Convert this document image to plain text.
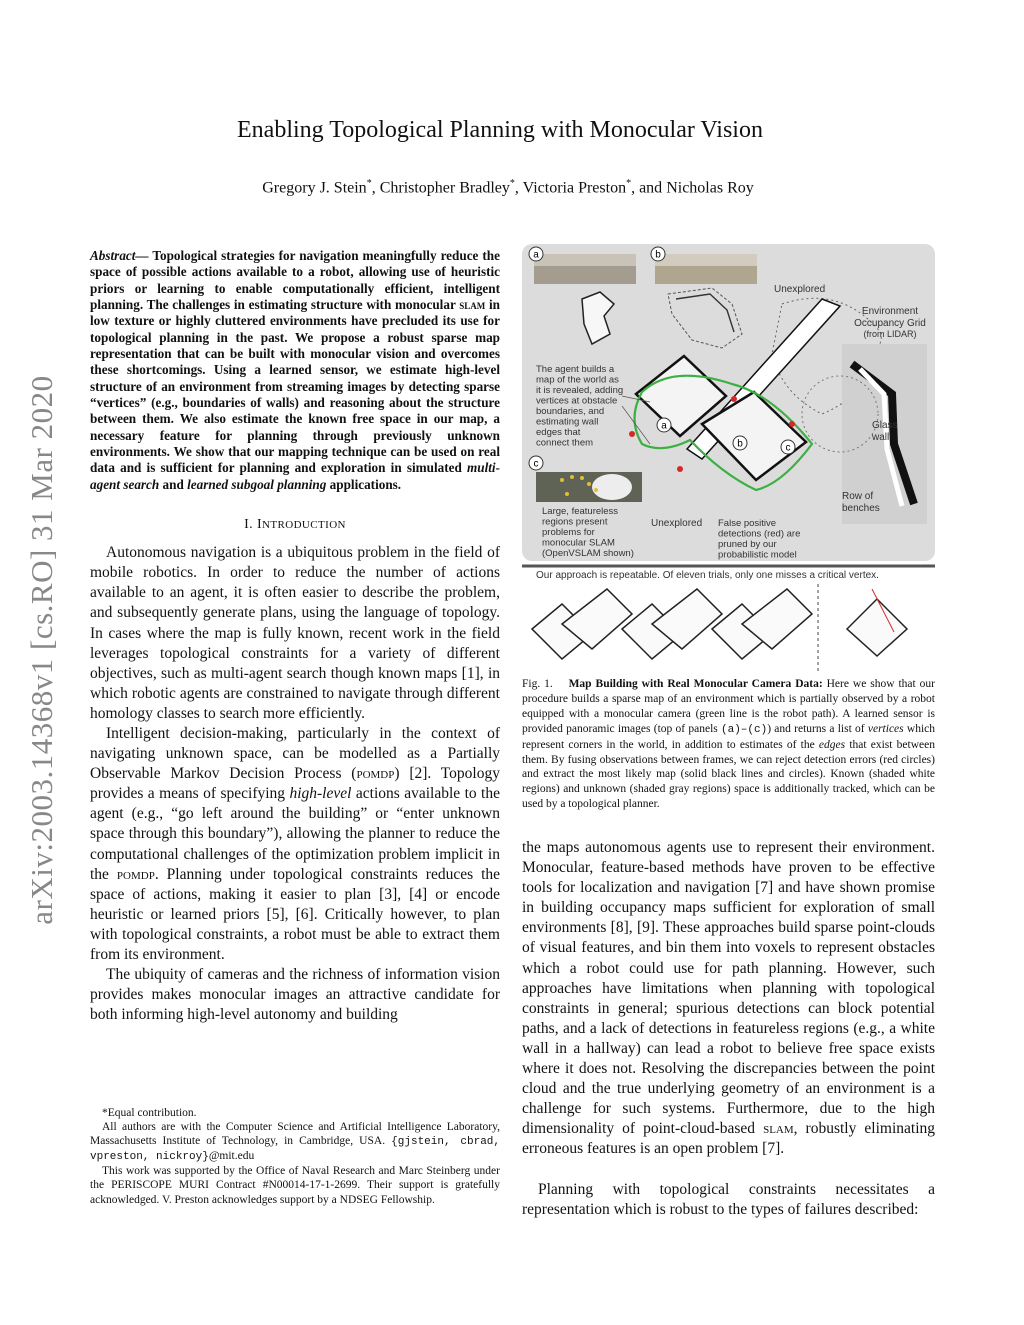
arXiv:2003.14368v1 [cs.RO] 31 Mar 2020
Enabling Topological Planning with Monocular Vision
Gregory J. Stein*, Christopher Bradley*, Victoria Preston*, and Nicholas Roy
Abstract— Topological strategies for navigation meaningfully reduce the space of possible actions available to a robot, allowing use of heuristic priors or learning to enable computationally efficient, intelligent planning. The challenges in estimating structure with monocular slam in low texture or highly cluttered environments have precluded its use for topological planning in the past. We propose a robust sparse map representation that can be built with monocular vision and overcomes these shortcomings. Using a learned sensor, we estimate high-level structure of an environment from streaming images by detecting sparse “vertices” (e.g., boundaries of walls) and reasoning about the structure between them. We also estimate the known free space in our map, a necessary feature for planning through previously unknown environments. We show that our mapping technique can be used on real data and is sufficient for planning and exploration in simulated multi-agent search and learned subgoal planning applications.
I. INTRODUCTION

Autonomous navigation is a ubiquitous problem in the field of mobile robotics. In order to reduce the number of actions available to an agent, it is often easier to describe the problem, and subsequently generate plans, using the language of topology. In cases where the map is fully known, recent work in the field leverages topological constraints for a variety of different objectives, such as multi-agent search though known maps [1], in which robotic agents are constrained to navigate through different homology classes to search more efficiently.

Intelligent decision-making, particularly in the context of navigating unknown space, can be modelled as a Partially Observable Markov Decision Process (pomdp) [2]. Topology provides a means of specifying high-level actions available to the agent (e.g., “go left around the building” or “enter unknown space through this boundary”), allowing the planner to reduce the computational challenges of the optimization problem implicit in the pomdp. Planning under topological constraints reduces the space of actions, making it easier to plan [3], [4] or encode heuristic or learned priors [5], [6]. Critically however, to plan with topological constraints, a robot must be able to extract them from its environment.

The ubiquity of cameras and the richness of information vision provides makes monocular images an attractive candidate for both informing high-level autonomy and building

*Equal contribution.

All authors are with the Computer Science and Artificial Intelligence Laboratory, Massachusetts Institute of Technology, in Cambridge, USA. {gjstein, cbrad, vpreston, nickroy}@mit.edu

This work was supported by the Office of Naval Research and Marc Steinberg under the PERISCOPE MURI Contract #N00014-17-1-2699. Their support is gratefully acknowledged. V. Preston acknowledges support by a NDSEG Fellowship.

a	b
c
a
b	c
Unexplored
Environment
Occupancy Grid
(from LIDAR)
Glass
wall
Row of
benches
Unexplored
The agent builds a
map of the world as
it is revealed, adding
vertices at obstacle
boundaries, and
estimating wall
edges that
connect them
Large, featureless
regions present
problems for
monocular SLAM
(OpenVSLAM shown)
False positive
detections (red) are
pruned by our
probabilistic model
Our approach is repeatable. Of eleven trials, only one misses a critical vertex.
Fig. 1. Map Building with Real Monocular Camera Data: Here we show that our procedure builds a sparse map of an environment which is partially observed by a robot equipped with a monocular camera (green line is the robot path). A learned sensor is provided panoramic images (top of panels (a)–(c)) and returns a list of vertices which represent corners in the world, in addition to estimates of the edges that exist between them. By fusing observations between frames, we can reject detection errors (red circles) and extract the most likely map (solid black lines and circles). Known (shaded white regions) and unknown (shaded gray regions) space is additionally tracked, which can be used by a topological planner.

the maps autonomous agents use to represent their environment. Monocular, feature-based methods have proven to be effective tools for localization and navigation [7] and have shown promise in building occupancy maps sufficient for exploration of small environments [8], [9]. These approaches build sparse point-clouds of visual features, and bin them into voxels to represent obstacles which a robot could use for path planning. However, such approaches have limitations when planning with topological constraints in general; spurious detections can block potential paths, and a lack of detections in featureless regions (e.g., a white wall in a hallway) can lead a robot to believe free space exists where it does not. Resolving the discrepancies between the point cloud and the true underlying geometry of an environment is a challenge for such systems. Furthermore, due to the high dimensionality of point-cloud-based slam, robustly eliminating erroneous features is an open problem [7].

Planning with topological constraints necessitates a representation which is robust to the types of failures described:
